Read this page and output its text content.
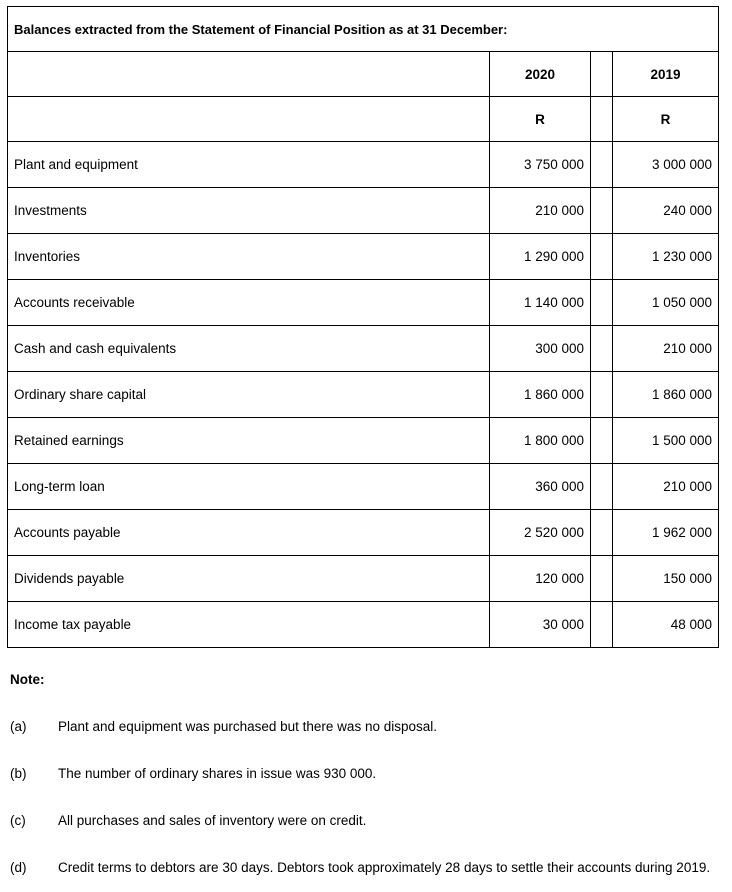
Balances extracted from the Statement of Financial Position as at 31 December:			
	2020		2019
	R		R
Plant and equipment	3 750 000		3 000 000
Investments	210 000		240 000
Inventories	1 290 000		1 230 000
Accounts receivable	1 140 000		1 050 000
Cash and cash equivalents	300 000		210 000
Ordinary share capital	1 860 000		1 860 000
Retained earnings	1 800 000		1 500 000
Long-term loan	360 000		210 000
Accounts payable	2 520 000		1 962 000
Dividends payable	120 000		150 000
Income tax payable	30 000		48 000
Note:
(a) Plant and equipment was purchased but there was no disposal.
(b) The number of ordinary shares in issue was 930 000.
(c) All purchases and sales of inventory were on credit.
(d) Credit terms to debtors are 30 days. Debtors took approximately 28 days to settle their accounts during 2019.
